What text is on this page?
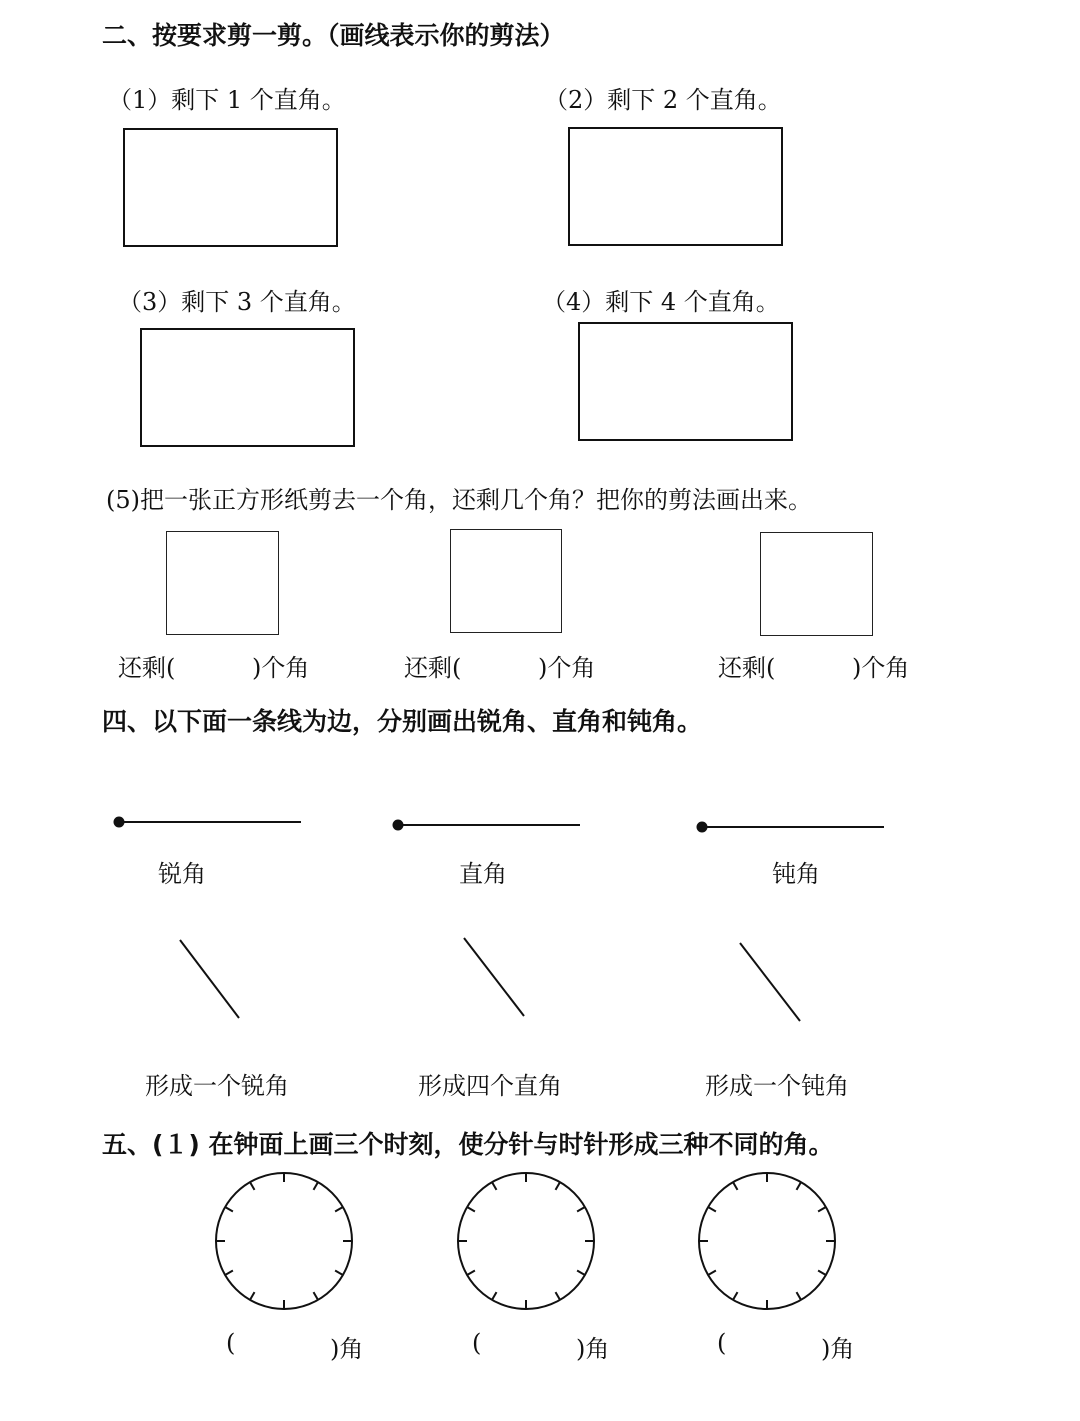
二、按要求剪一剪。（画线表示你的剪法）
（1）剩下 1 个直角。	（2）剩下 2 个直角。
（3）剩下 3 个直角。	（4）剩下 4 个直角。
(5)把一张正方形纸剪去一个角，还剩几个角？把你的剪法画出来。
还剩(	)个角	还剩(	)个角	还剩(	)个角
四、以下面一条线为边，分别画出锐角、直角和钝角。
锐角	直角	钝角
形成一个锐角	形成四个直角	形成一个钝角
五、(１) 在钟面上画三个时刻，使分针与时针形成三种不同的角。
(	)角	(	)角	(	)角
